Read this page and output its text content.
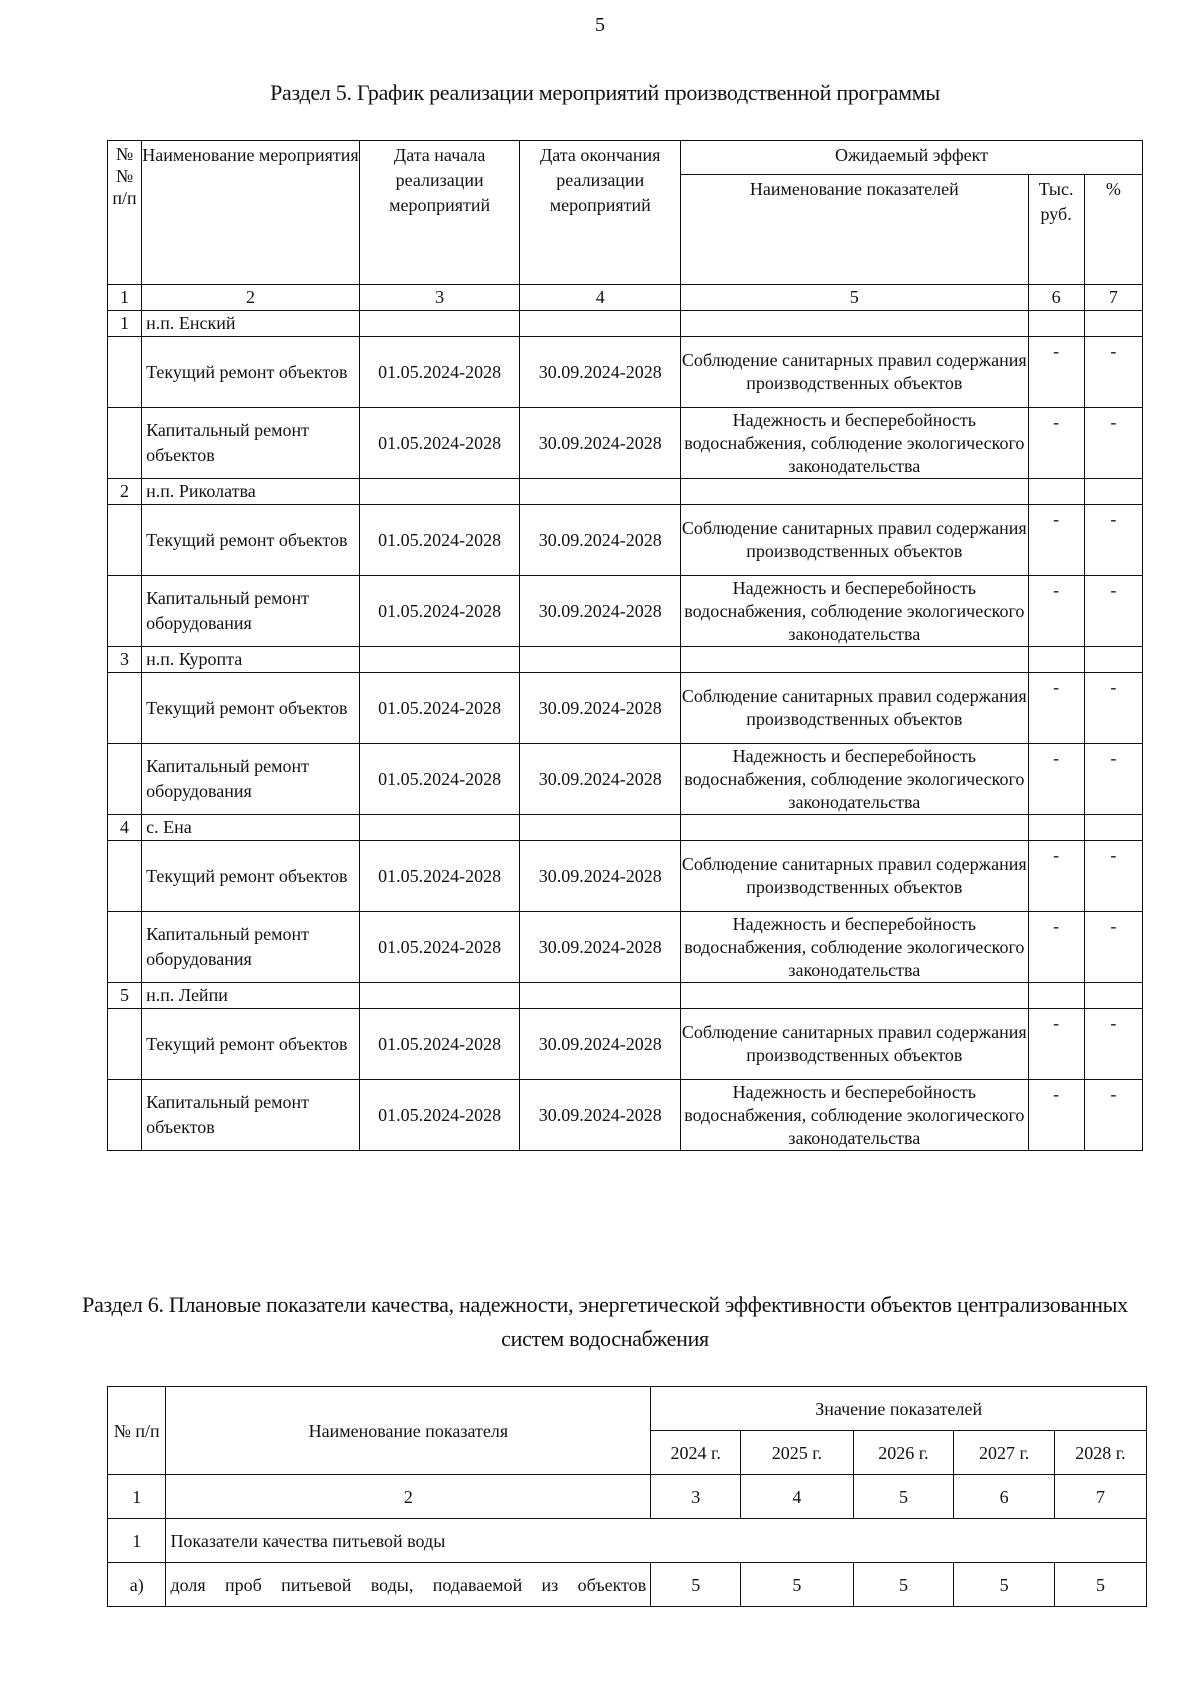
5
Раздел 5. График реализации мероприятий производственной программы
№ № п/п	Наименование мероприятия	Дата начала реализации мероприятий	Дата окончания реализации мероприятий	Ожидаемый эффект		
				Наименование показателей	Тыс. руб.	%
1	2	3	4	5	6	7
1	н.п. Енский					
	Текущий ремонт объектов	01.05.2024-2028	30.09.2024-2028	Соблюдение санитарных правил содержания производственных объектов	-	-
	Капитальный ремонт объектов	01.05.2024-2028	30.09.2024-2028	Надежность и бесперебойность водоснабжения, соблюдение экологического законодательства	-	-
2	н.п. Риколатва					
	Текущий ремонт объектов	01.05.2024-2028	30.09.2024-2028	Соблюдение санитарных правил содержания производственных объектов	-	-
	Капитальный ремонт оборудования	01.05.2024-2028	30.09.2024-2028	Надежность и бесперебойность водоснабжения, соблюдение экологического законодательства	-	-
3	н.п. Куропта					
	Текущий ремонт объектов	01.05.2024-2028	30.09.2024-2028	Соблюдение санитарных правил содержания производственных объектов	-	-
	Капитальный ремонт оборудования	01.05.2024-2028	30.09.2024-2028	Надежность и бесперебойность водоснабжения, соблюдение экологического законодательства	-	-
4	с. Ена					
	Текущий ремонт объектов	01.05.2024-2028	30.09.2024-2028	Соблюдение санитарных правил содержания производственных объектов	-	-
	Капитальный ремонт оборудования	01.05.2024-2028	30.09.2024-2028	Надежность и бесперебойность водоснабжения, соблюдение экологического законодательства	-	-
5	н.п. Лейпи					
	Текущий ремонт объектов	01.05.2024-2028	30.09.2024-2028	Соблюдение санитарных правил содержания производственных объектов	-	-
	Капитальный ремонт объектов	01.05.2024-2028	30.09.2024-2028	Надежность и бесперебойность водоснабжения, соблюдение экологического законодательства	-	-
Раздел 6. Плановые показатели качества, надежности, энергетической эффективности объектов централизованных систем водоснабжения
№ п/п	Наименование показателя	Значение показателей				
		2024 г.	2025 г.	2026 г.	2027 г.	2028 г.
1	2	3	4	5	6	7
1	Показатели качества питьевой воды					
а)	доля проб питьевой воды, подаваемой из объектов	5	5	5	5	5
